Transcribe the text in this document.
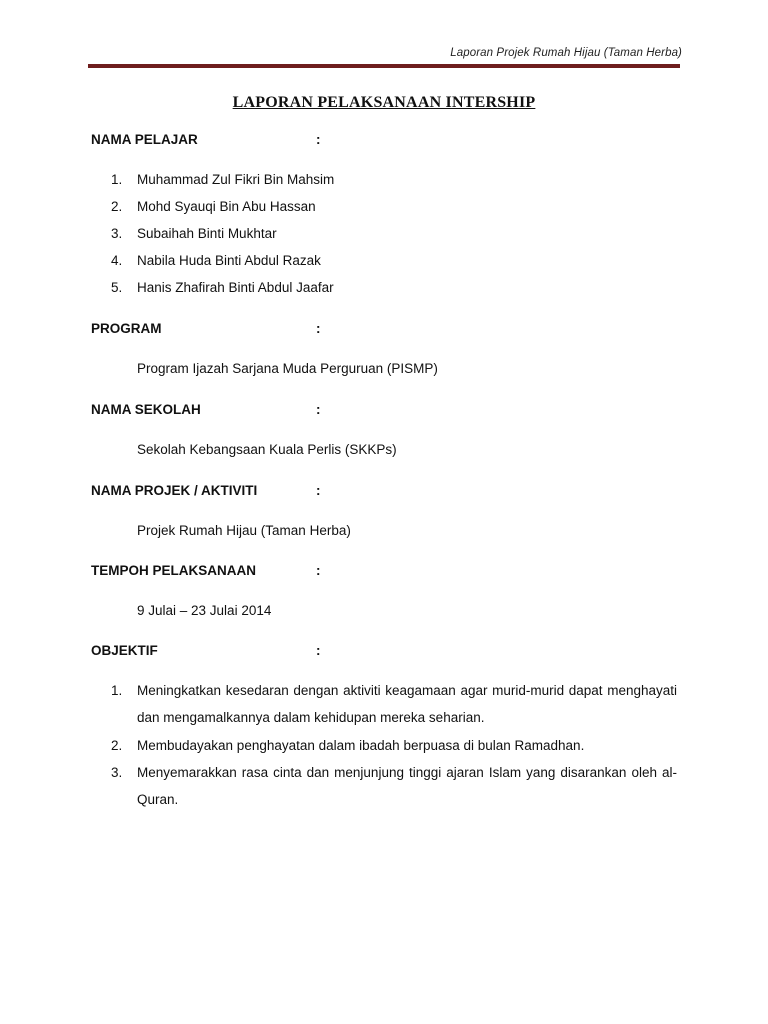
Laporan Projek Rumah Hijau (Taman Herba)
LAPORAN PELAKSANAAN INTERSHIP
NAMA PELAJAR	:
1. Muhammad Zul Fikri Bin Mahsim
2. Mohd Syauqi Bin Abu Hassan
3. Subaihah Binti Mukhtar
4. Nabila Huda Binti Abdul Razak
5. Hanis Zhafirah Binti Abdul Jaafar
PROGRAM	:
Program Ijazah Sarjana Muda Perguruan (PISMP)
NAMA SEKOLAH	:
Sekolah Kebangsaan Kuala Perlis (SKKPs)
NAMA PROJEK / AKTIVITI	:
Projek Rumah Hijau (Taman Herba)
TEMPOH PELAKSANAAN	:
9 Julai – 23 Julai 2014
OBJEKTIF	:
1. Meningkatkan kesedaran dengan aktiviti keagamaan agar murid-murid dapat menghayati dan mengamalkannya dalam kehidupan mereka seharian.
2. Membudayakan penghayatan dalam ibadah berpuasa di bulan Ramadhan.
3. Menyemarakkan rasa cinta dan menjunjung tinggi ajaran Islam yang disarankan oleh al-Quran.
